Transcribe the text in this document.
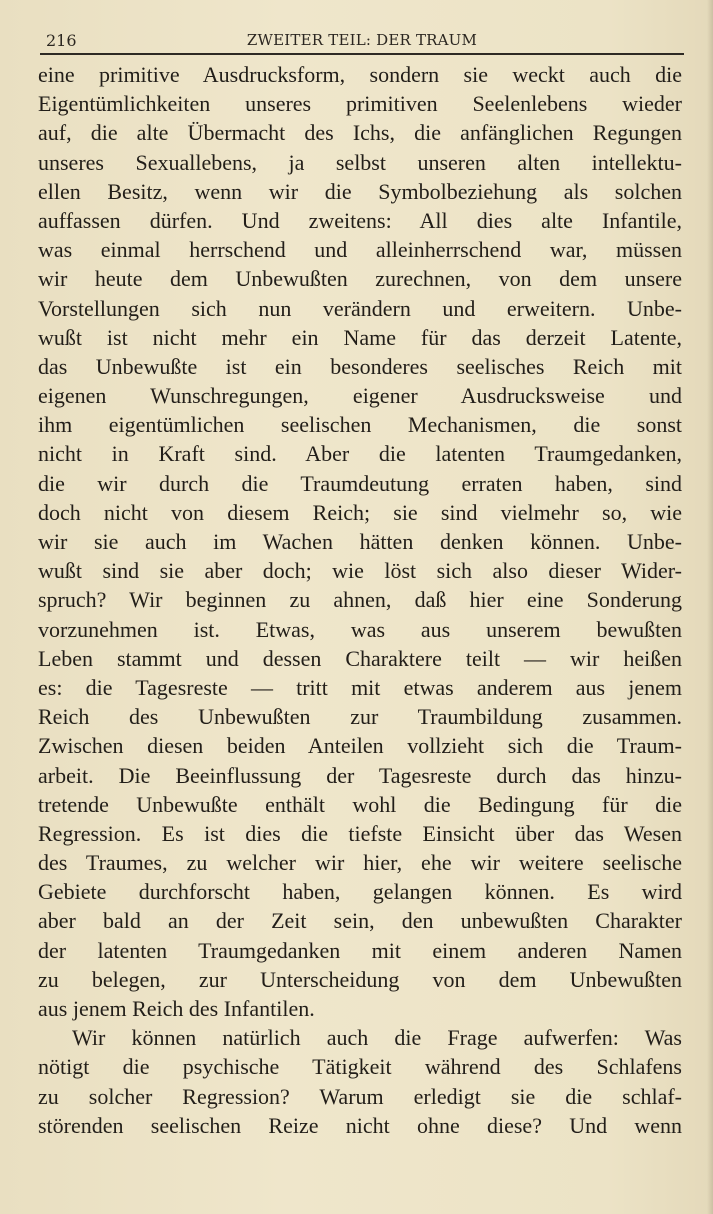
216	ZWEITER TEIL: DER TRAUM
eine primitive Ausdrucksform, sondern sie weckt auch die
Eigentümlichkeiten unseres primitiven Seelenlebens wieder
auf, die alte Übermacht des Ichs, die anfänglichen Regungen
unseres Sexuallebens, ja selbst unseren alten intellektu-
ellen Besitz, wenn wir die Symbolbeziehung als solchen
auffassen dürfen. Und zweitens: All dies alte Infantile,
was einmal herrschend und alleinherrschend war, müssen
wir heute dem Unbewußten zurechnen, von dem unsere
Vorstellungen sich nun verändern und erweitern. Unbe-
wußt ist nicht mehr ein Name für das derzeit Latente,
das Unbewußte ist ein besonderes seelisches Reich mit
eigenen Wunschregungen, eigener Ausdrucksweise und
ihm eigentümlichen seelischen Mechanismen, die sonst
nicht in Kraft sind. Aber die latenten Traumgedanken,
die wir durch die Traumdeutung erraten haben, sind
doch nicht von diesem Reich; sie sind vielmehr so, wie
wir sie auch im Wachen hätten denken können. Unbe-
wußt sind sie aber doch; wie löst sich also dieser Wider-
spruch? Wir beginnen zu ahnen, daß hier eine Sonderung
vorzunehmen ist. Etwas, was aus unserem bewußten
Leben stammt und dessen Charaktere teilt — wir heißen
es: die Tagesreste — tritt mit etwas anderem aus jenem
Reich des Unbewußten zur Traumbildung zusammen.
Zwischen diesen beiden Anteilen vollzieht sich die Traum-
arbeit. Die Beeinflussung der Tagesreste durch das hinzu-
tretende Unbewußte enthält wohl die Bedingung für die
Regression. Es ist dies die tiefste Einsicht über das Wesen
des Traumes, zu welcher wir hier, ehe wir weitere seelische
Gebiete durchforscht haben, gelangen können. Es wird
aber bald an der Zeit sein, den unbewußten Charakter
der latenten Traumgedanken mit einem anderen Namen
zu belegen, zur Unterscheidung von dem Unbewußten
aus jenem Reich des Infantilen.
Wir können natürlich auch die Frage aufwerfen: Was
nötigt die psychische Tätigkeit während des Schlafens
zu solcher Regression? Warum erledigt sie die schlaf-
störenden seelischen Reize nicht ohne diese? Und wenn
